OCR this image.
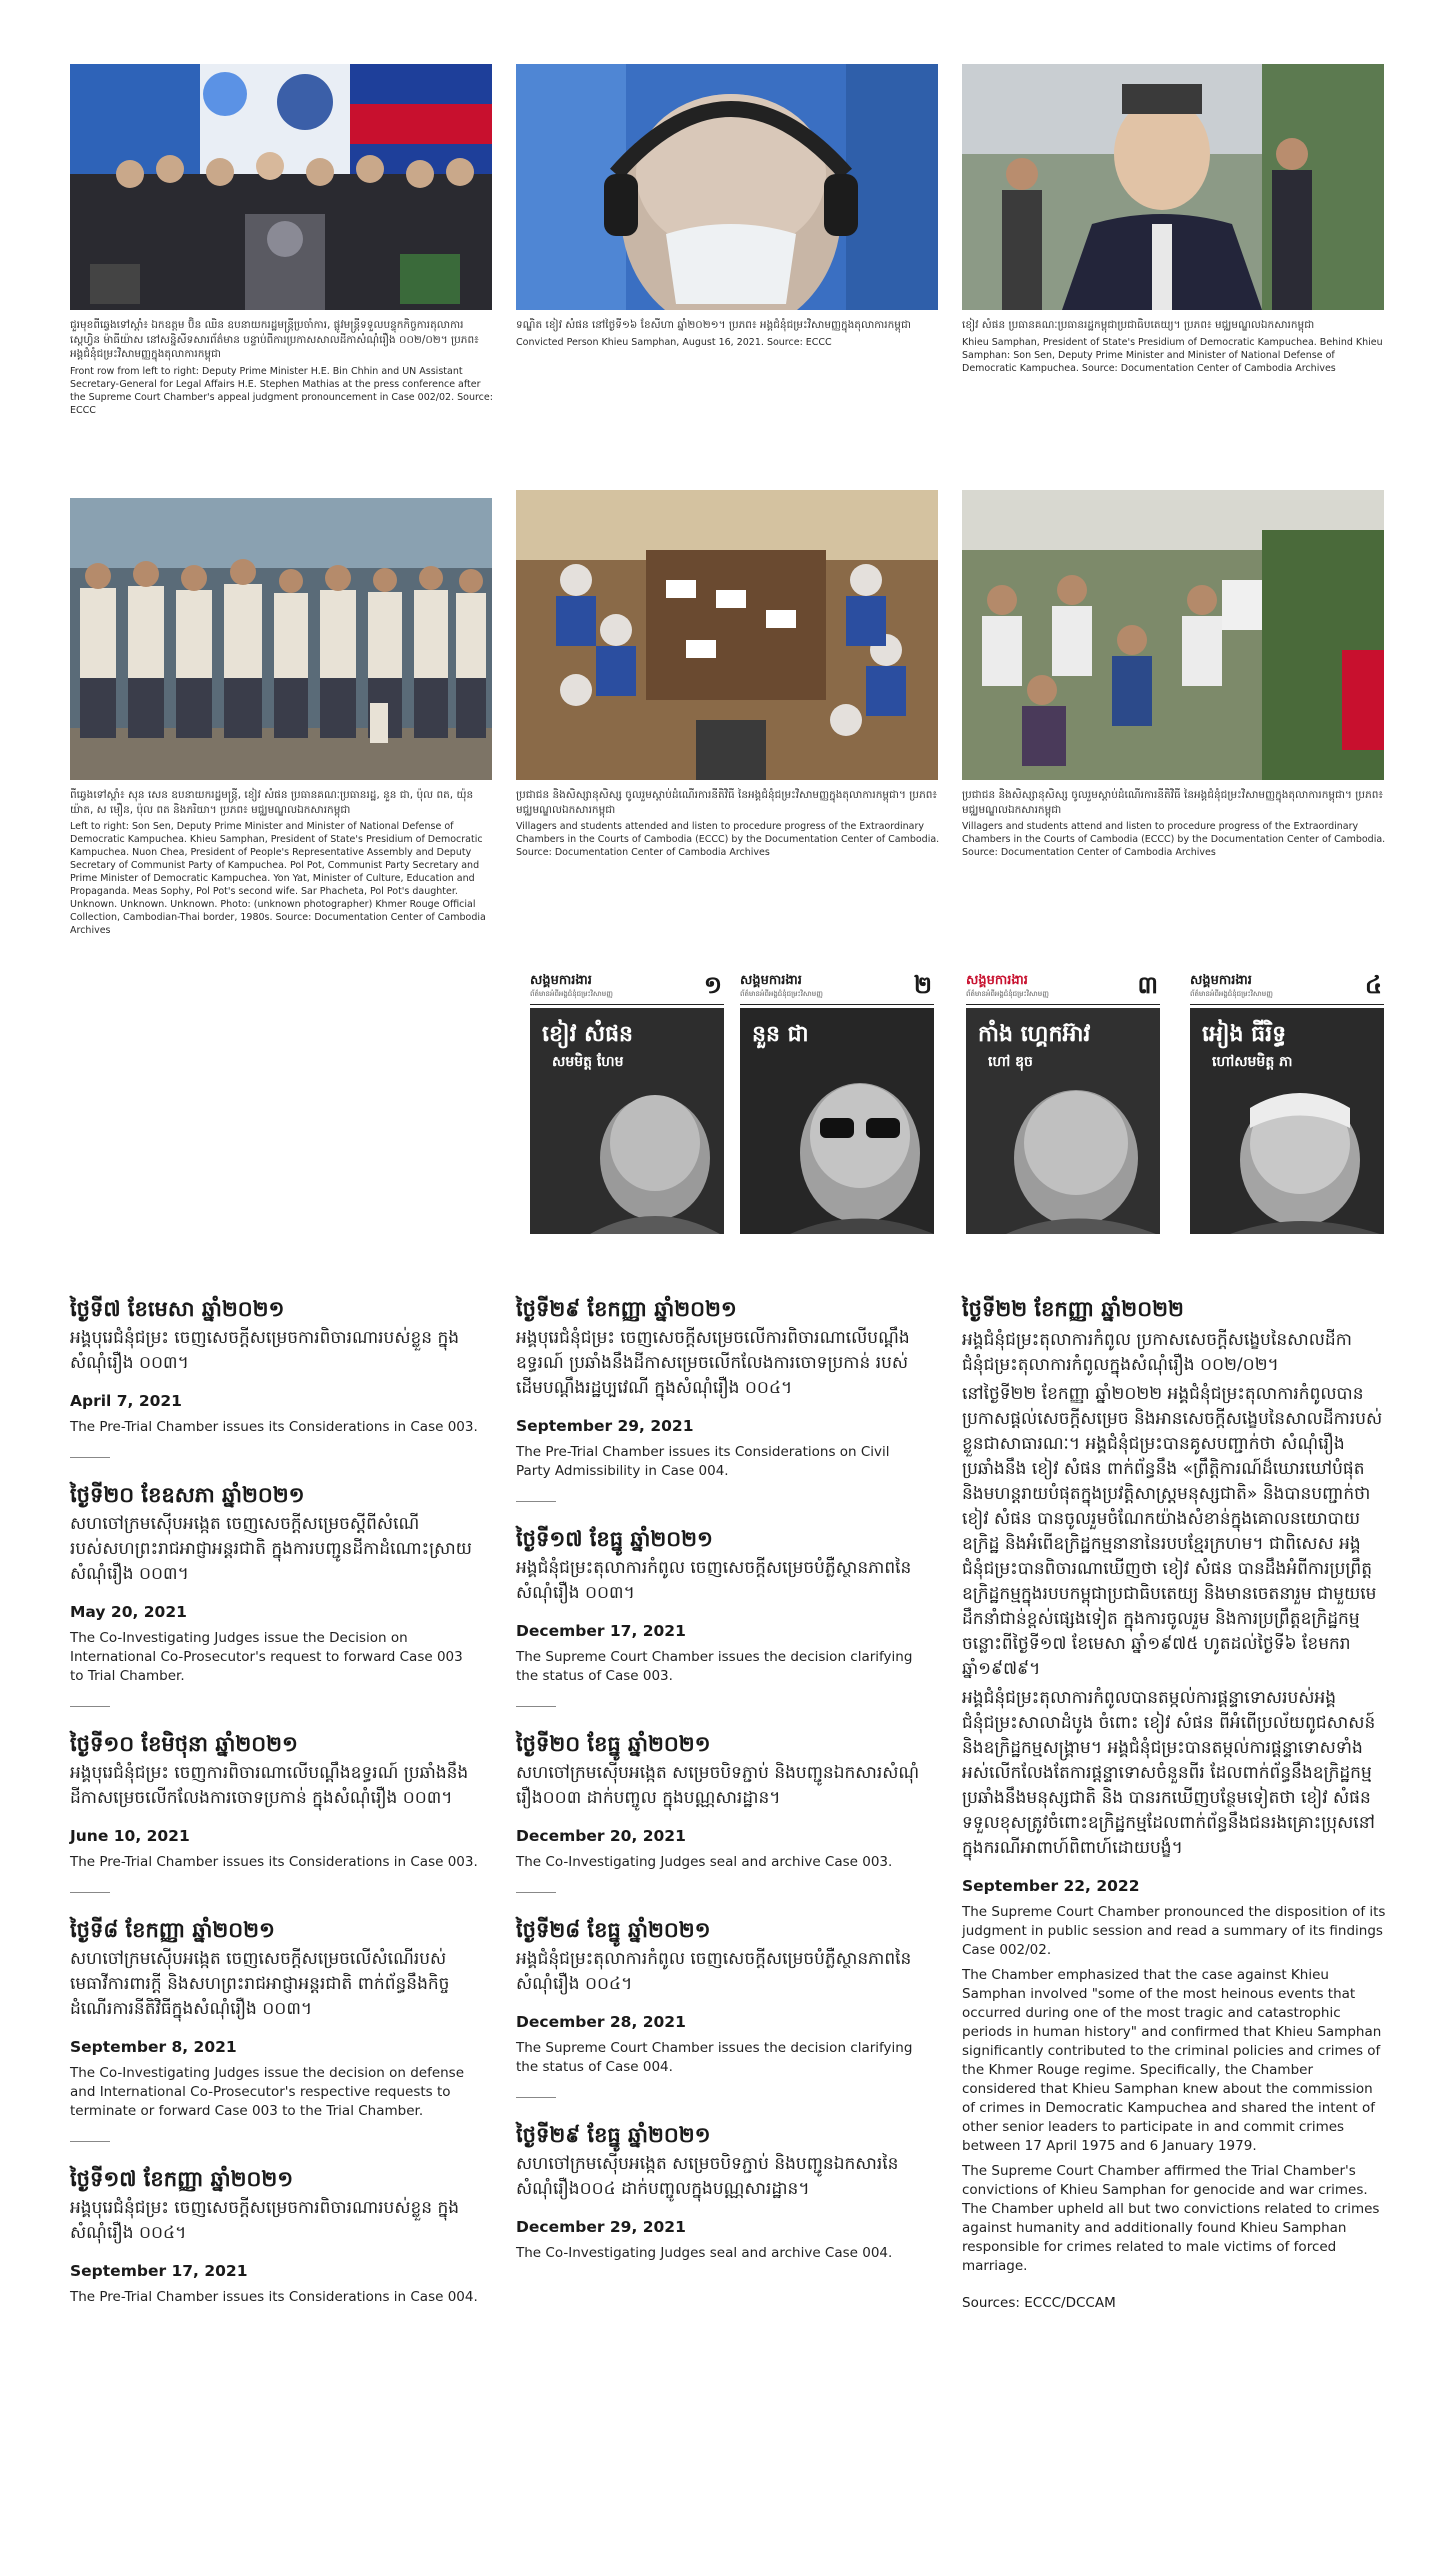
ជួរមុខពីឆ្វេងទៅស្តាំ៖ ឯកឧត្តម ប៊ិន ឈិន ឧបនាយករដ្ឋមន្ត្រីប្រចាំការ, ផ្លូវមន្ត្រីទទួលបន្ទុកកិច្ចការតុលាការ ស្តេហ្វិន ម៉ាធីយ៉ាស នៅសន្និសីទសារព័ត៌មាន បន្ទាប់ពីការប្រកាសសាលដីកាសំណុំរឿង ០០២/០២។ ប្រភព៖ អង្គជំនុំជម្រះវិសាមញ្ញក្នុងតុលាការកម្ពុជា
Front row from left to right: Deputy Prime Minister H.E. Bin Chhin and UN Assistant Secretary-General for Legal Affairs H.E. Stephen Mathias at the press conference after the Supreme Court Chamber's appeal judgment pronouncement in Case 002/02. Source: ECCC
ទណ្ឌិត ខៀវ សំផន នៅថ្ងៃទី១៦ ខែសីហា ឆ្នាំ២០២១។ ប្រភព៖ អង្គជំនុំជម្រះវិសាមញ្ញក្នុងតុលាការកម្ពុជា
Convicted Person Khieu Samphan, August 16, 2021. Source: ECCC
ខៀវ សំផន ប្រធានគណៈប្រធានរដ្ឋកម្ពុជាប្រជាធិបតេយ្យ។ ប្រភព៖ មជ្ឈមណ្ឌលឯកសារកម្ពុជា
Khieu Samphan, President of State's Presidium of Democratic Kampuchea. Behind Khieu Samphan: Son Sen, Deputy Prime Minister and Minister of National Defense of Democratic Kampuchea. Source: Documentation Center of Cambodia Archives
ពីឆ្វេងទៅស្តាំ៖ សុន សេន ឧបនាយករដ្ឋមន្ត្រី, ខៀវ សំផន ប្រធានគណៈប្រធានរដ្ឋ, នួន ជា, ប៉ុល ពត, យ៉ុន យ៉ាត, ស មឿន, ប៉ុល ពត និងភរិយា។ ប្រភព៖ មជ្ឈមណ្ឌលឯកសារកម្ពុជា
Left to right: Son Sen, Deputy Prime Minister and Minister of National Defense of Democratic Kampuchea. Khieu Samphan, President of State's Presidium of Democratic Kampuchea. Nuon Chea, President of People's Representative Assembly and Deputy Secretary of Communist Party of Kampuchea. Pol Pot, Communist Party Secretary and Prime Minister of Democratic Kampuchea. Yon Yat, Minister of Culture, Education and Propaganda. Meas Sophy, Pol Pot's second wife. Sar Phacheta, Pol Pot's daughter. Unknown. Unknown. Unknown. Photo: (unknown photographer) Khmer Rouge Official Collection, Cambodian-Thai border, 1980s. Source: Documentation Center of Cambodia Archives
ប្រជាជន និងសិស្សានុសិស្ស ចូលរួមស្តាប់ដំណើរការនីតិវិធី នៃអង្គជំនុំជម្រះវិសាមញ្ញក្នុងតុលាការកម្ពុជា។ ប្រភព៖ មជ្ឈមណ្ឌលឯកសារកម្ពុជា
Villagers and students attended and listen to procedure progress of the Extraordinary Chambers in the Courts of Cambodia (ECCC) by the Documentation Center of Cambodia. Source: Documentation Center of Cambodia Archives
ប្រជាជន និងសិស្សានុសិស្ស ចូលរួមស្តាប់ដំណើរការនីតិវិធី នៃអង្គជំនុំជម្រះវិសាមញ្ញក្នុងតុលាការកម្ពុជា។ ប្រភព៖ មជ្ឈមណ្ឌលឯកសារកម្ពុជា
Villagers and students attend and listen to procedure progress of the Extraordinary Chambers in the Courts of Cambodia (ECCC) by the Documentation Center of Cambodia. Source: Documentation Center of Cambodia Archives
សង្គមការងារ
ព័ត៌មានអំពីអង្គជំនុំជម្រះវិសាមញ្ញ	១
ខៀវ សំផន
សមមិត្ត ហែម
សង្គមការងារ
ព័ត៌មានអំពីអង្គជំនុំជម្រះវិសាមញ្ញ	២
នួន ជា
សង្គមការងារ
ព័ត៌មានអំពីអង្គជំនុំជម្រះវិសាមញ្ញ	៣
កាំង ហ្គេកអ៊ាវ
ហៅ ឌុច
សង្គមការងារ
ព័ត៌មានអំពីអង្គជំនុំជម្រះវិសាមញ្ញ	៤
អៀង ធីរិទ្ធ
ហៅសមមិត្ត ភា

ថ្ងៃទី៧ ខែមេសា ឆ្នាំ២០២១

អង្គបុរេជំនុំជម្រះ ចេញសេចក្តីសម្រេចការពិចារណារបស់ខ្លួន ក្នុងសំណុំរឿង ០០៣។

April 7, 2021

The Pre-Trial Chamber issues its Considerations in Case 003.

ថ្ងៃទី២០ ខែឧសភា ឆ្នាំ២០២១

សហចៅក្រមស៊ើបអង្កេត ចេញសេចក្តីសម្រេចស្តីពីសំណើរបស់សហព្រះរាជអាជ្ញាអន្តរជាតិ ក្នុងការបញ្ជូនដីកាដំណោះស្រាយសំណុំរឿង ០០៣។

May 20, 2021

The Co-Investigating Judges issue the Decision on International Co-Prosecutor's request to forward Case 003 to Trial Chamber.

ថ្ងៃទី១០ ខែមិថុនា ឆ្នាំ២០២១

អង្គបុរេជំនុំជម្រះ ចេញការពិចារណាលើបណ្តឹងឧទ្ធរណ៍ ប្រឆាំងនឹងដីកាសម្រេចលើកលែងការចោទប្រកាន់ ក្នុងសំណុំរឿង ០០៣។

June 10, 2021

The Pre-Trial Chamber issues its Considerations in Case 003.

ថ្ងៃទី៨ ខែកញ្ញា ឆ្នាំ២០២១

សហចៅក្រមស៊ើបអង្កេត ចេញសេចក្តីសម្រេចលើសំណើរបស់មេធាវីការពារក្តី និងសហព្រះរាជអាជ្ញាអន្តរជាតិ ពាក់ព័ន្ធនឹងកិច្ចដំណើរការនីតិវិធីក្នុងសំណុំរឿង ០០៣។

September 8, 2021

The Co-Investigating Judges issue the decision on defense and International Co-Prosecutor's respective requests to terminate or forward Case 003 to the Trial Chamber.

ថ្ងៃទី១៧ ខែកញ្ញា ឆ្នាំ២០២១

អង្គបុរេជំនុំជម្រះ ចេញសេចក្តីសម្រេចការពិចារណារបស់ខ្លួន ក្នុងសំណុំរឿង ០០៤។

September 17, 2021

The Pre-Trial Chamber issues its Considerations in Case 004.

ថ្ងៃទី២៩ ខែកញ្ញា ឆ្នាំ២០២១

អង្គបុរេជំនុំជម្រះ ចេញសេចក្តីសម្រេចលើការពិចារណាលើបណ្តឹងឧទ្ធរណ៍ ប្រឆាំងនឹងដីកាសម្រេចលើកលែងការចោទប្រកាន់ របស់ដើមបណ្តឹងរដ្ឋប្បវេណី ក្នុងសំណុំរឿង ០០៤។

September 29, 2021

The Pre-Trial Chamber issues its Considerations on Civil Party Admissibility in Case 004.

ថ្ងៃទី១៧ ខែធ្នូ ឆ្នាំ២០២១

អង្គជំនុំជម្រះតុលាការកំពូល ចេញសេចក្តីសម្រេចបំភ្លឺស្ថានភាពនៃសំណុំរឿង ០០៣។

December 17, 2021

The Supreme Court Chamber issues the decision clarifying the status of Case 003.

ថ្ងៃទី២០ ខែធ្នូ ឆ្នាំ២០២១

សហចៅក្រមស៊ើបអង្កេត សម្រេចបិទភ្ជាប់ និងបញ្ជូនឯកសារសំណុំរឿង០០៣ ដាក់បញ្ចូល ក្នុងបណ្ណសារដ្ឋាន។

December 20, 2021

The Co-Investigating Judges seal and archive Case 003.

ថ្ងៃទី២៨ ខែធ្នូ ឆ្នាំ២០២១

អង្គជំនុំជម្រះតុលាការកំពូល ចេញសេចក្តីសម្រេចបំភ្លឺស្ថានភាពនៃសំណុំរឿង ០០៤។

December 28, 2021

The Supreme Court Chamber issues the decision clarifying the status of Case 004.

ថ្ងៃទី២៩ ខែធ្នូ ឆ្នាំ២០២១

សហចៅក្រមស៊ើបអង្កេត សម្រេចបិទភ្ជាប់ និងបញ្ជូនឯកសារនៃសំណុំរឿង០០៤ ដាក់បញ្ចូលក្នុងបណ្ណសារដ្ឋាន។

December 29, 2021

The Co-Investigating Judges seal and archive Case 004.

ថ្ងៃទី២២ ខែកញ្ញា ឆ្នាំ២០២២

អង្គជំនុំជម្រះតុលាការកំពូល ប្រកាសសេចក្តីសង្ខេបនៃសាលដីកាជំនុំជម្រះតុលាការកំពូលក្នុងសំណុំរឿង ០០២/០២។

នៅថ្ងៃទី២២ ខែកញ្ញា ឆ្នាំ២០២២ អង្គជំនុំជម្រះតុលាការកំពូលបានប្រកាសផ្តល់សេចក្តីសម្រេច និងអានសេចក្តីសង្ខេបនៃសាលដីការបស់ខ្លួនជាសាធារណៈ។ អង្គជំនុំជម្រះបានគូសបញ្ជាក់ថា សំណុំរឿងប្រឆាំងនឹង ខៀវ សំផន ពាក់ព័ន្ធនឹង «ព្រឹត្តិការណ៍ដ៏ឃោរឃៅបំផុត និងមហន្តរាយបំផុតក្នុងប្រវត្តិសាស្ត្រមនុស្សជាតិ» និងបានបញ្ជាក់ថា ខៀវ សំផន បានចូលរួមចំណែកយ៉ាងសំខាន់ក្នុងគោលនយោបាយឧក្រិដ្ឋ និងអំពើឧក្រិដ្ឋកម្មនានានៃរបបខ្មែរក្រហម។ ជាពិសេស អង្គជំនុំជម្រះបានពិចារណាឃើញថា ខៀវ សំផន បានដឹងអំពីការប្រព្រឹត្តឧក្រិដ្ឋកម្មក្នុងរបបកម្ពុជាប្រជាធិបតេយ្យ និងមានចេតនារួម ជាមួយមេដឹកនាំជាន់ខ្ពស់ផ្សេងទៀត ក្នុងការចូលរួម និងការប្រព្រឹត្តឧក្រិដ្ឋកម្ម ចន្លោះពីថ្ងៃទី១៧ ខែមេសា ឆ្នាំ១៩៧៥ ហូតដល់ថ្ងៃទី៦ ខែមករា ឆ្នាំ១៩៧៩។

អង្គជំនុំជម្រះតុលាការកំពូលបានតម្កល់ការផ្តន្ទាទោសរបស់អង្គជំនុំជម្រះសាលាដំបូង ចំពោះ ខៀវ សំផន ពីអំពើប្រល័យពូជសាសន៍ និងឧក្រិដ្ឋកម្មសង្គ្រាម។ អង្គជំនុំជម្រះបានតម្កល់ការផ្តន្ទាទោសទាំងអស់លើកលែងតែការផ្តន្ទាទោសចំនួនពីរ ដែលពាក់ព័ន្ធនឹងឧក្រិដ្ឋកម្មប្រឆាំងនឹងមនុស្សជាតិ និង បានរកឃើញបន្ថែមទៀតថា ខៀវ សំផន ទទួលខុសត្រូវចំពោះឧក្រិដ្ឋកម្មដែលពាក់ព័ន្ធនឹងជនរងគ្រោះប្រុសនៅក្នុងករណីអាពាហ៍ពិពាហ៍ដោយបង្ខំ។

September 22, 2022

The Supreme Court Chamber pronounced the disposition of its judgment in public session and read a summary of its findings Case 002/02.

The Chamber emphasized that the case against Khieu Samphan involved "some of the most heinous events that occurred during one of the most tragic and catastrophic periods in human history" and confirmed that Khieu Samphan significantly contributed to the criminal policies and crimes of the Khmer Rouge regime. Specifically, the Chamber considered that Khieu Samphan knew about the commission of crimes in Democratic Kampuchea and shared the intent of other senior leaders to participate in and commit crimes between 17 April 1975 and 6 January 1979.

The Supreme Court Chamber affirmed the Trial Chamber's convictions of Khieu Samphan for genocide and war crimes. The Chamber upheld all but two convictions related to crimes against humanity and additionally found Khieu Samphan responsible for crimes related to male victims of forced marriage.

Sources: ECCC/DCCAM
